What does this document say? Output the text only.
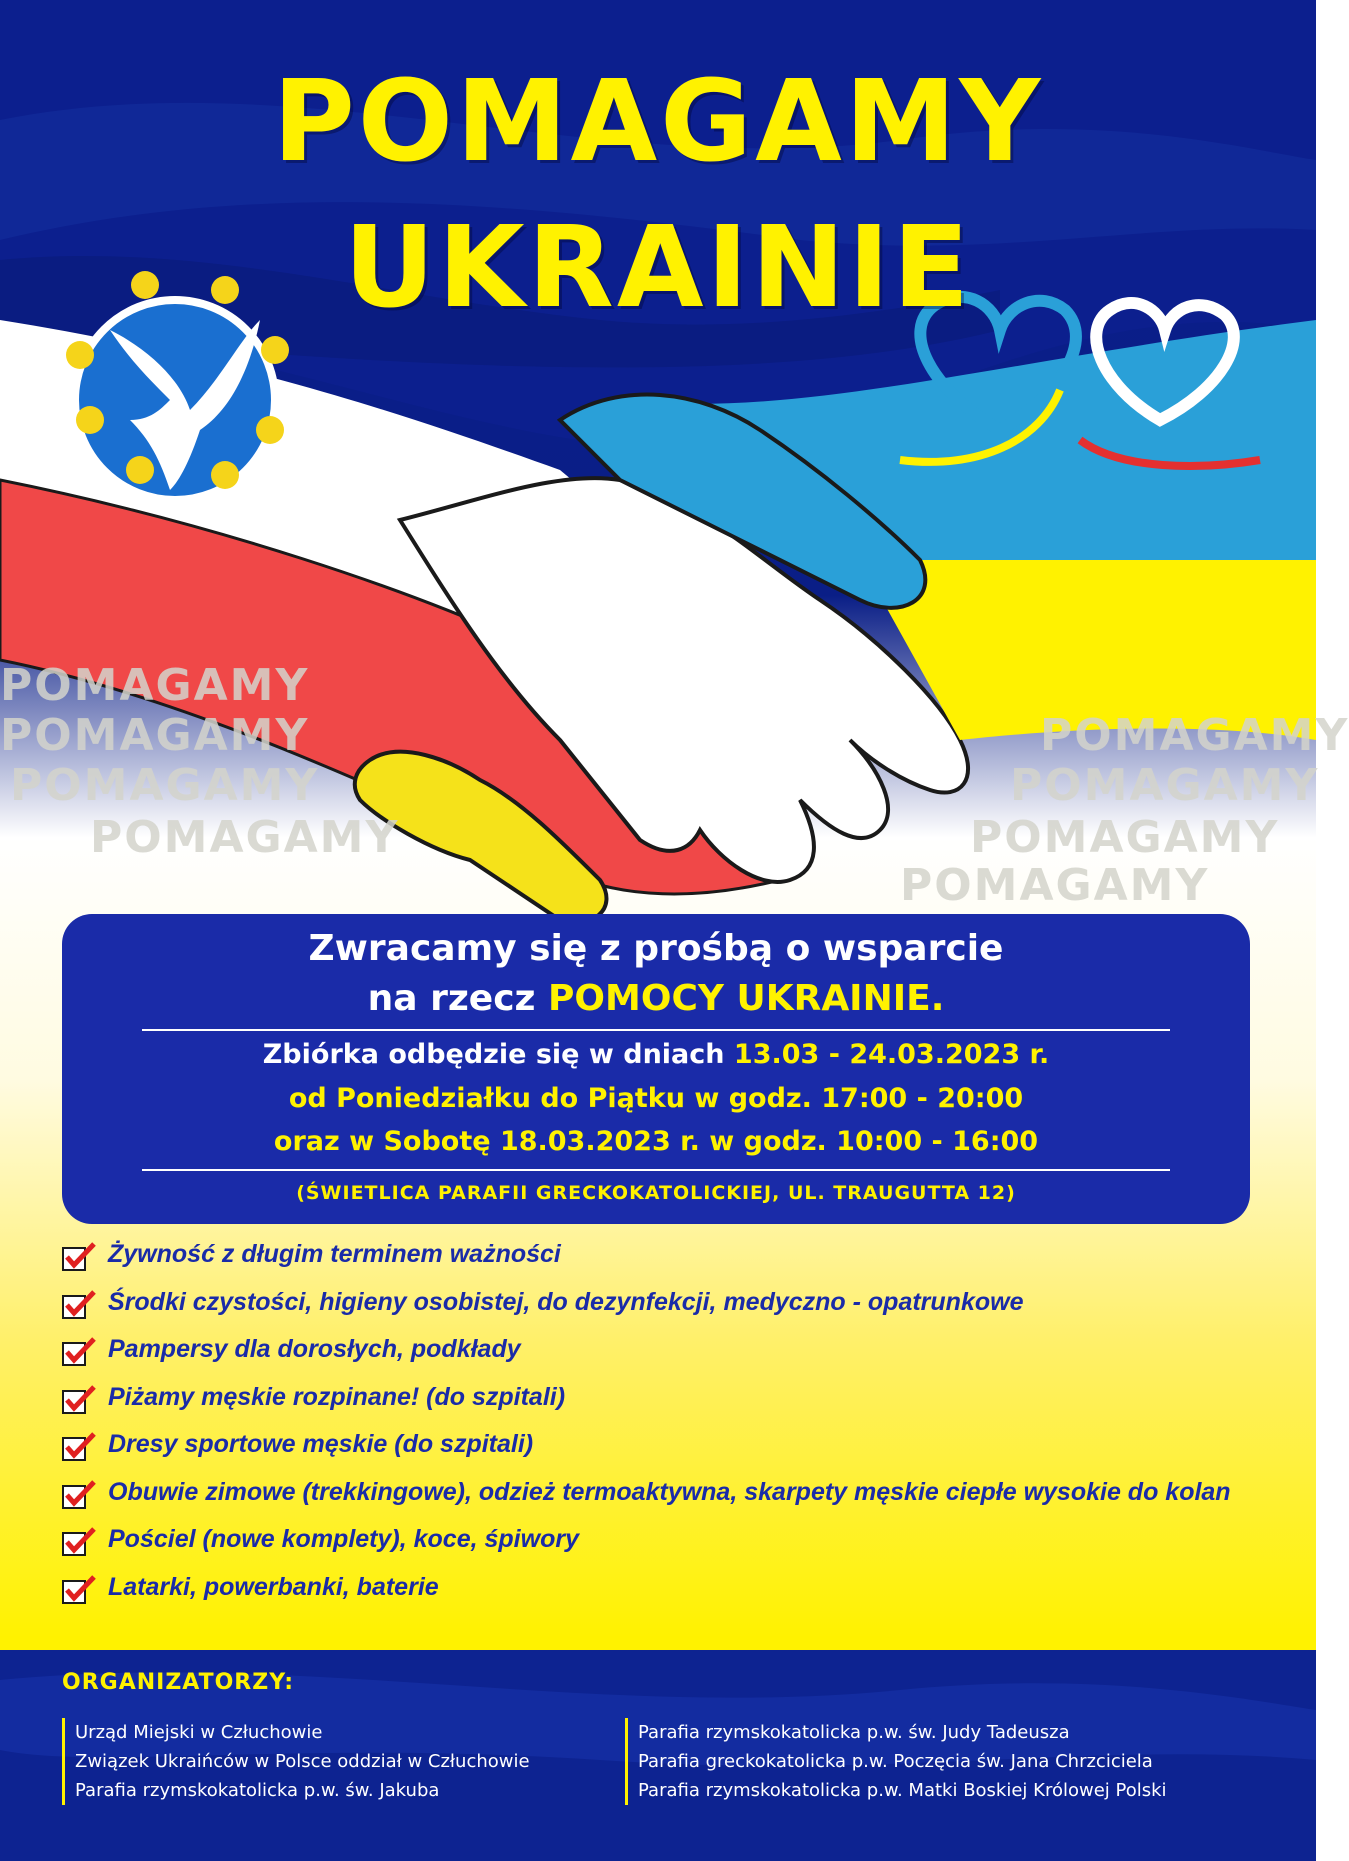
POMAGAMY
UKRAINIE
POMAGAMY
POMAGAMY
POMAGAMY
POMAGAMY
POMAGAMY
POMAGAMY
POMAGAMY
POMAGAMY
Zwracamy się z prośbą o wsparcie
na rzecz POMOCY UKRAINIE.
Zbiórka odbędzie się w dniach 13.03 - 24.03.2023 r.
od Poniedziałku do Piątku w godz. 17:00 - 20:00
oraz w Sobotę 18.03.2023 r. w godz. 10:00 - 16:00
(ŚWIETLICA PARAFII GRECKOKATOLICKIEJ, UL. TRAUGUTTA 12)
Żywność z długim terminem ważności
Środki czystości, higieny osobistej, do dezynfekcji, medyczno - opatrunkowe
Pampersy dla dorosłych, podkłady
Piżamy męskie rozpinane! (do szpitali)
Dresy sportowe męskie (do szpitali)
Obuwie zimowe (trekkingowe), odzież termoaktywna, skarpety męskie ciepłe wysokie do kolan
Pościel (nowe komplety), koce, śpiwory
Latarki, powerbanki, baterie
ORGANIZATORZY:
Urząd Miejski w Człuchowie
Związek Ukraińców w Polsce oddział w Człuchowie
Parafia rzymskokatolicka p.w. św. Jakuba
Parafia rzymskokatolicka p.w. św. Judy Tadeusza
Parafia greckokatolicka p.w. Poczęcia św. Jana Chrzciciela
Parafia rzymskokatolicka p.w. Matki Boskiej Królowej Polski
